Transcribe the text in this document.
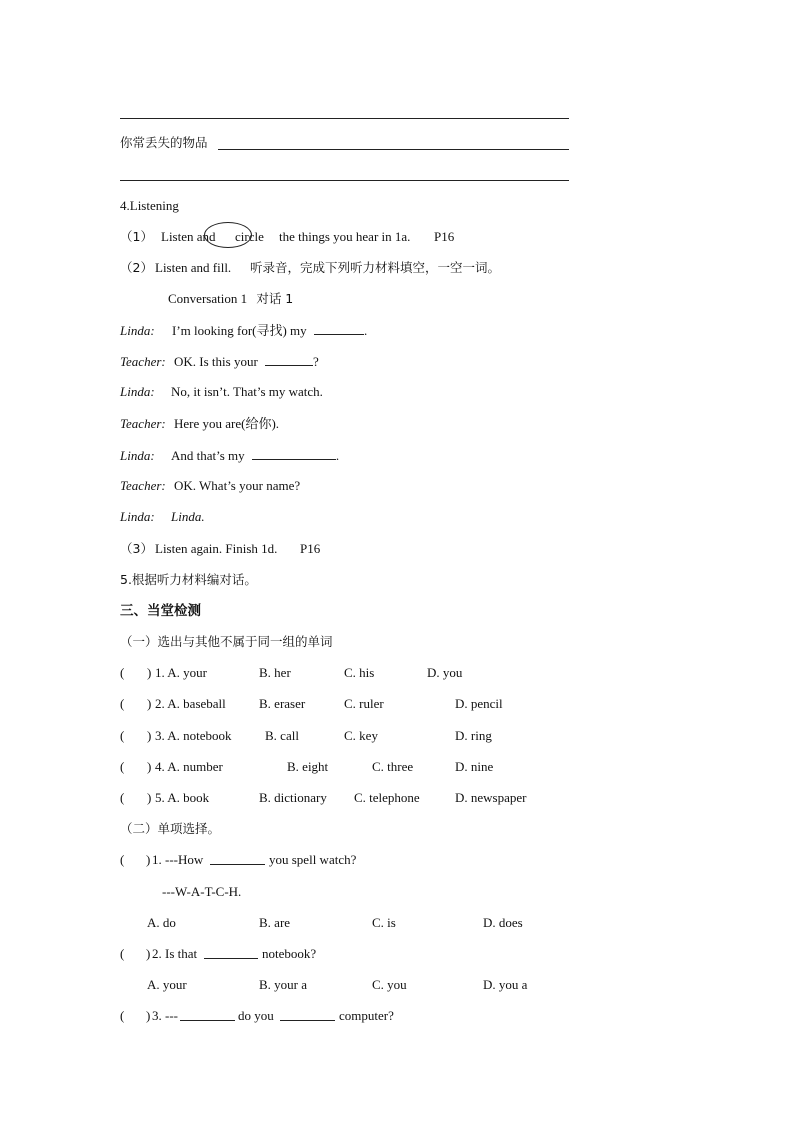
你常丢失的物品
4.Listening
（1） Listen and circle the things you hear in 1a. P16
（2） Listen and fill. 听录音，完成下列听力材料填空，一空一词。
Conversation 1 对话 1
Linda: I’m looking for(寻找) my	.
Teacher: OK. Is this your	?
Linda: No, it isn’t. That’s my watch.
Teacher: Here you are(给你).
Linda: And that’s my	.
Teacher: OK. What’s your name?
Linda: Linda.
（3） Listen again. Finish 1d. P16
5.根据听力材料编对话。
三、当堂检测
（一）选出与其他不属于同一组的单词
( ) 1. A. your	B. her	C. his	D. you
( ) 2. A. baseball	B. eraser	C. ruler	D. pencil
( ) 3. A. notebook	B. call	C. key	D. ring
( ) 4. A. number	B. eight	C. three	D. nine
( ) 5. A. book	B. dictionary C. telephone	D. newspaper
（二）单项选择。
( ) 1. ---How	you spell watch?
---W-A-T-C-H.
A. do	B. are	C. is	D. does
( ) 2. Is that	notebook?
A. your	B. your a	C. you	D. you a
( ) 3. ---	do you	computer?
